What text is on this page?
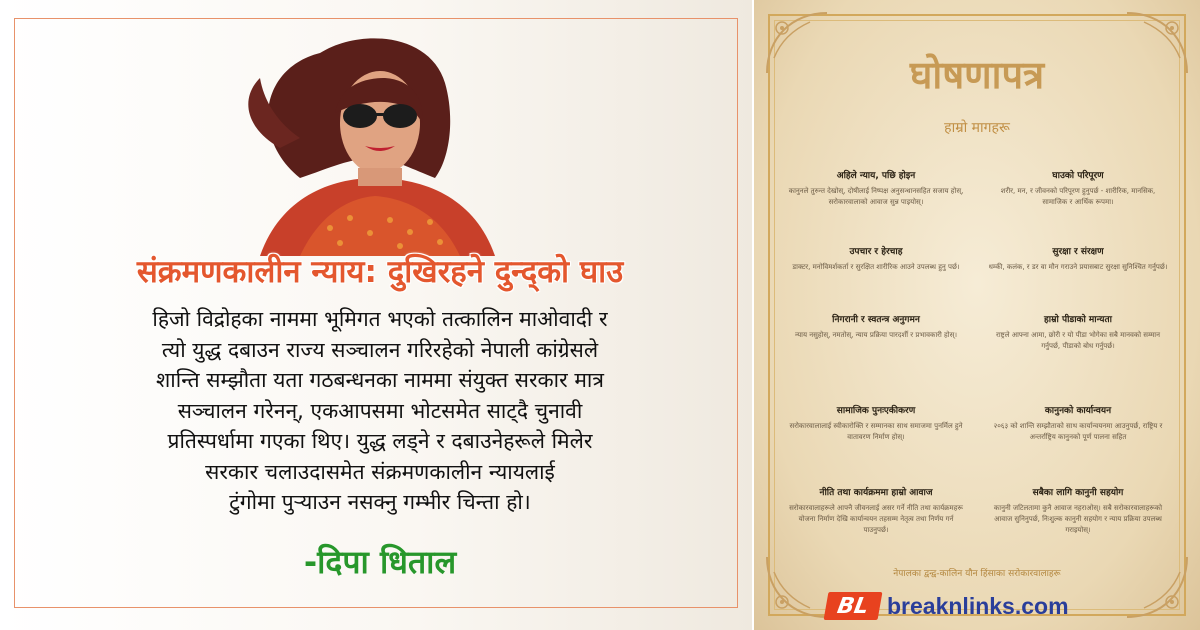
संक्रमणकालीन न्याय: दुखिरहने दुन्द्को घाउ
हिजो विद्रोहका नाममा भूमिगत भएको तत्कालिन माओवादी र
त्यो युद्ध दबाउन राज्य सञ्चालन गरिरहेको नेपाली कांग्रेसले
शान्ति सम्झौता यता गठबन्धनका नाममा संयुक्त सरकार मात्र
सञ्चालन गरेनन्, एकआपसमा भोटसमेत साट्दै चुनावी
प्रतिस्पर्धामा गएका थिए। युद्ध लड्ने र दबाउनेहरूले मिलेर
सरकार चलाउदासमेत संक्रमणकालीन न्यायलाई
टुंगोमा पुऱ्याउन नसक्नु गम्भीर चिन्ता हो।
-दिपा धिताल
घोषणापत्र
हाम्रो मागहरू
अहिले न्याय, पछि होइन
कानुनले तुरुन्त देखोस्, दोषीलाई निष्पक्ष अनुसन्धानसहित सजाय होस्, सरोकारवालाको आवाज सुन्न पाइयोस्।
घाउको परिपूरण
शरीर, मन, र जीवनको परिपूरण हुनुपर्छ - शारीरिक, मानसिक, सामाजिक र आर्थिक रूपमा।
उपचार र हेरचाह
डाक्टर, मनोविमर्शकर्ता र सुरक्षित शारीरिक आउने उपलब्ध हुनु पर्छ।
सुरक्षा र संरक्षण
धम्की, कलंक, र डर वा मौन गराउने प्रयासबाट सुरक्षा सुनिश्चित गर्नुपर्छ।
निगरानी र स्वतन्त्र अनुगमन
न्याय नसुहोस्, नमतोस्, न्याय प्रक्रिया पारदर्शी र प्रभावकारी होस्।
हाम्रो पीडाको मान्यता
राष्ट्रले आफ्ना आमा, छोरी र यो पीडा भोगेका सबै मानवको सम्मान गर्नुपर्छ, पीडाको बोध गर्नुपर्छ।
सामाजिक पुनःएकीकरण
सरोकारवालालाई स्वीकारोक्ति र सम्मानका साथ समाजमा पुनर्मिल हुने वातावरण निर्माण होस्।
कानुनको कार्यान्वयन
२०६३ को शान्ति सम्झौताको साथ कार्यान्वयनमा आउनुपर्छ, राष्ट्रिय र अन्तर्राष्ट्रिय कानुनको पूर्ण पालना सहित
नीति तथा कार्यक्रममा हाम्रो आवाज
सरोकारवालाहरूले आफ्नै जीवनलाई असर गर्ने नीति तथा कार्यक्रमहरू योजना निर्माण देखि कार्यान्वयन तहसम्म नेतृत्व तथा निर्णय गर्न पाउनुपर्छ।
सबैका लागि कानुनी सहयोग
कानुनी जटिलतामा कुनै आवाज नहराओस्। सबै सरोकारवालाहरूको आवाज सुनिनुपर्छ, निःशुल्क कानुनी सहयोग र न्याय प्रक्रिया उपलब्ध गराइयोस्।
नेपालका द्वन्द्व-कालिन यौन हिंसाका सरोकारवालाहरू
BL breaknlinks.com
